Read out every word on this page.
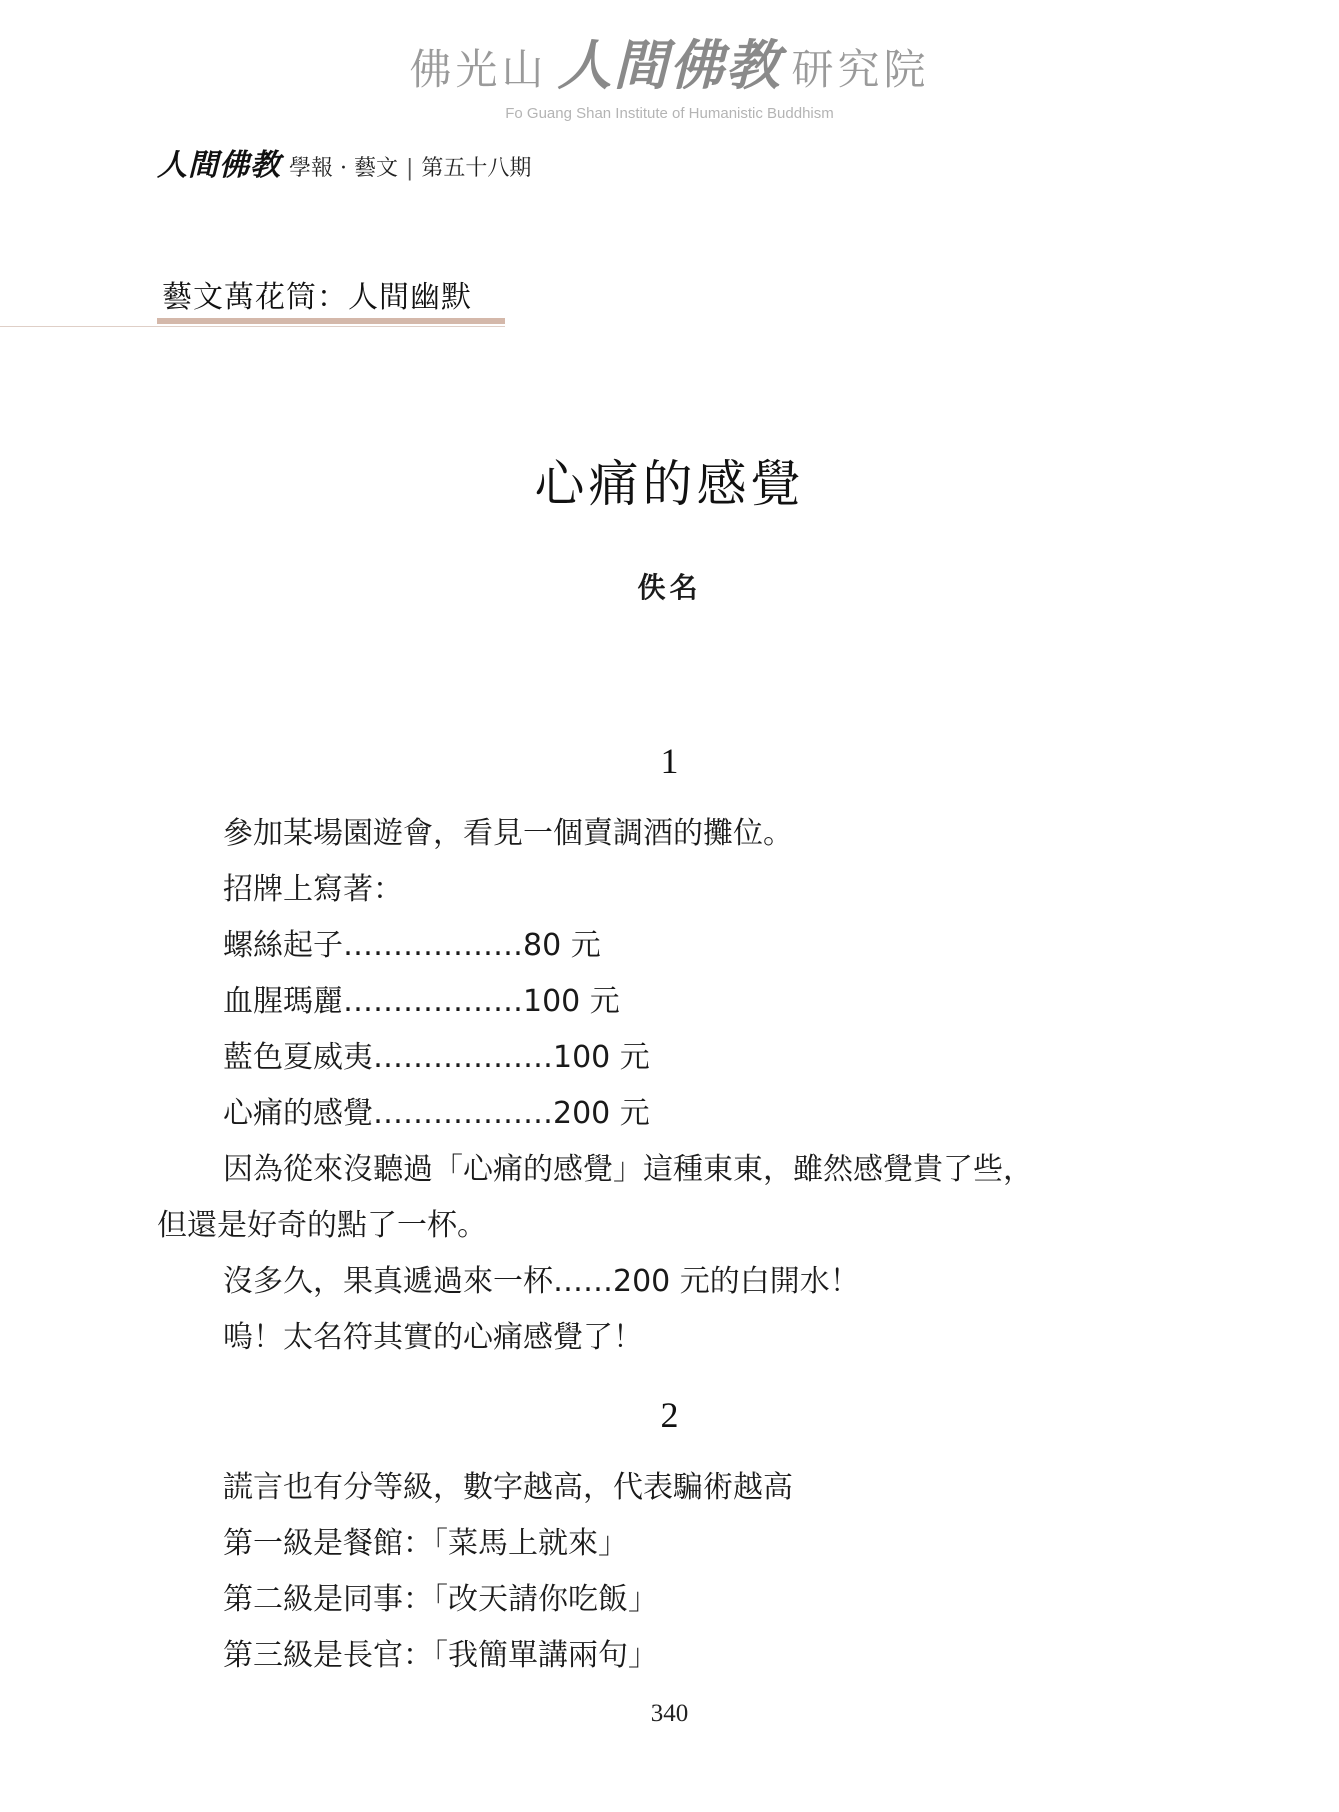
佛光山 人間佛教 研究院
Fo Guang Shan Institute of Humanistic Buddhism
人間佛教 學報 · 藝文 | 第五十八期
藝文萬花筒：人間幽默
心痛的感覺
佚名
1
參加某場園遊會，看見一個賣調酒的攤位。
招牌上寫著：
螺絲起子………………80 元
血腥瑪麗………………100 元
藍色夏威夷………………100 元
心痛的感覺………………200 元
因為從來沒聽過「心痛的感覺」這種東東，雖然感覺貴了些，
但還是好奇的點了一杯。
沒多久，果真遞過來一杯……200 元的白開水！
嗚！太名符其實的心痛感覺了！
2
謊言也有分等級，數字越高，代表騙術越高
第一級是餐館：「菜馬上就來」
第二級是同事：「改天請你吃飯」
第三級是長官：「我簡單講兩句」
340
